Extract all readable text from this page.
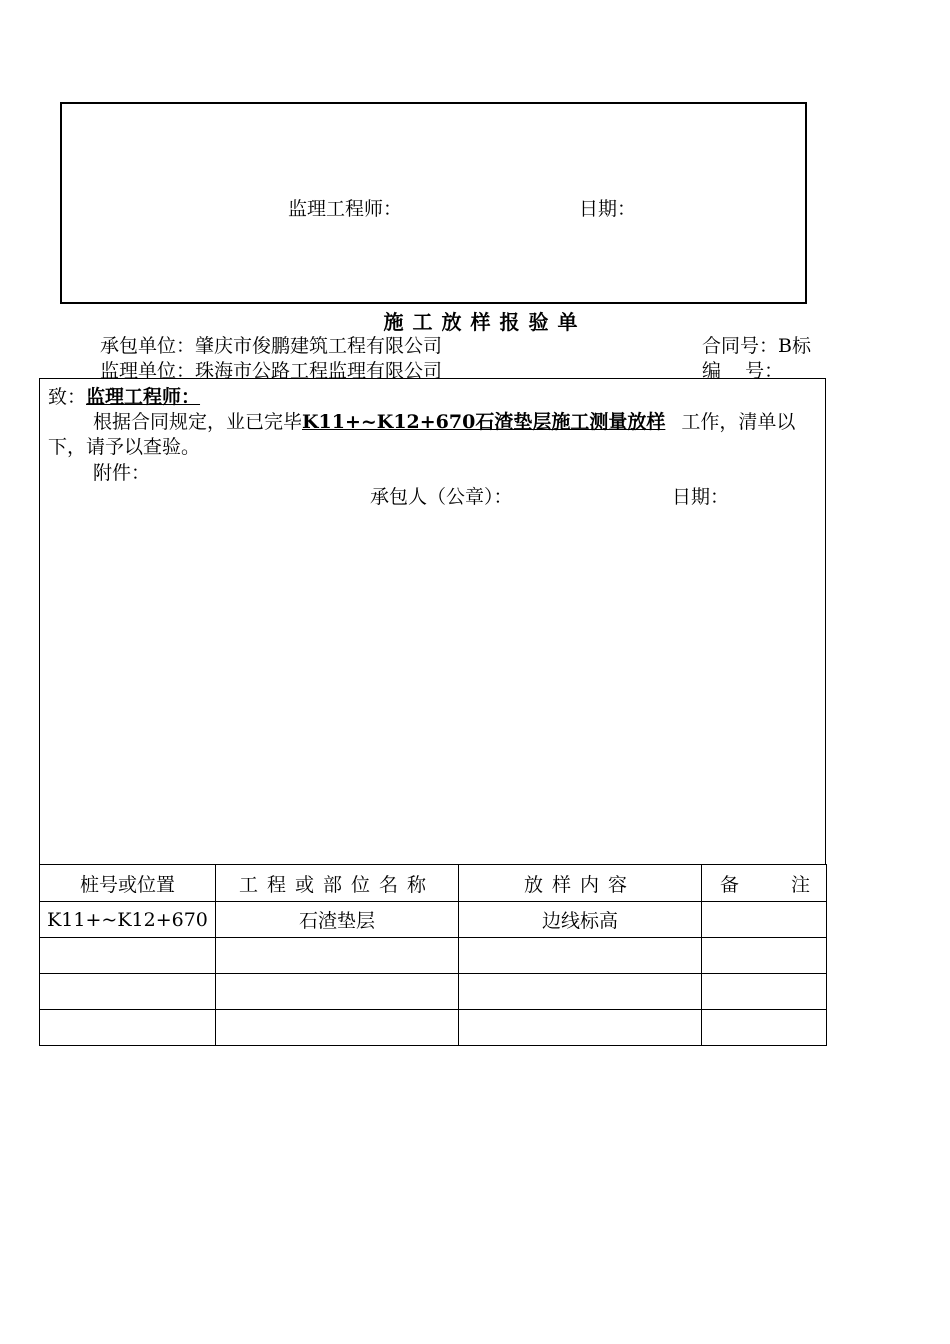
监理工程师：	日期：
施工放样报验单
承包单位：肇庆市俊鹏建筑工程有限公司	合同号：B标
监理单位：珠海市公路工程监理有限公司	编    号：
致：监理工程师：
根据合同规定，业已完毕K11+~K12+670石渣垫层施工测量放样 工作，清单以
下，请予以查验。
附件：
承包人（公章）：	日期：
桩号或位置	工程或部位名称	放样内容	备 注

K11+~K12+670	石渣垫层	边线标高	
